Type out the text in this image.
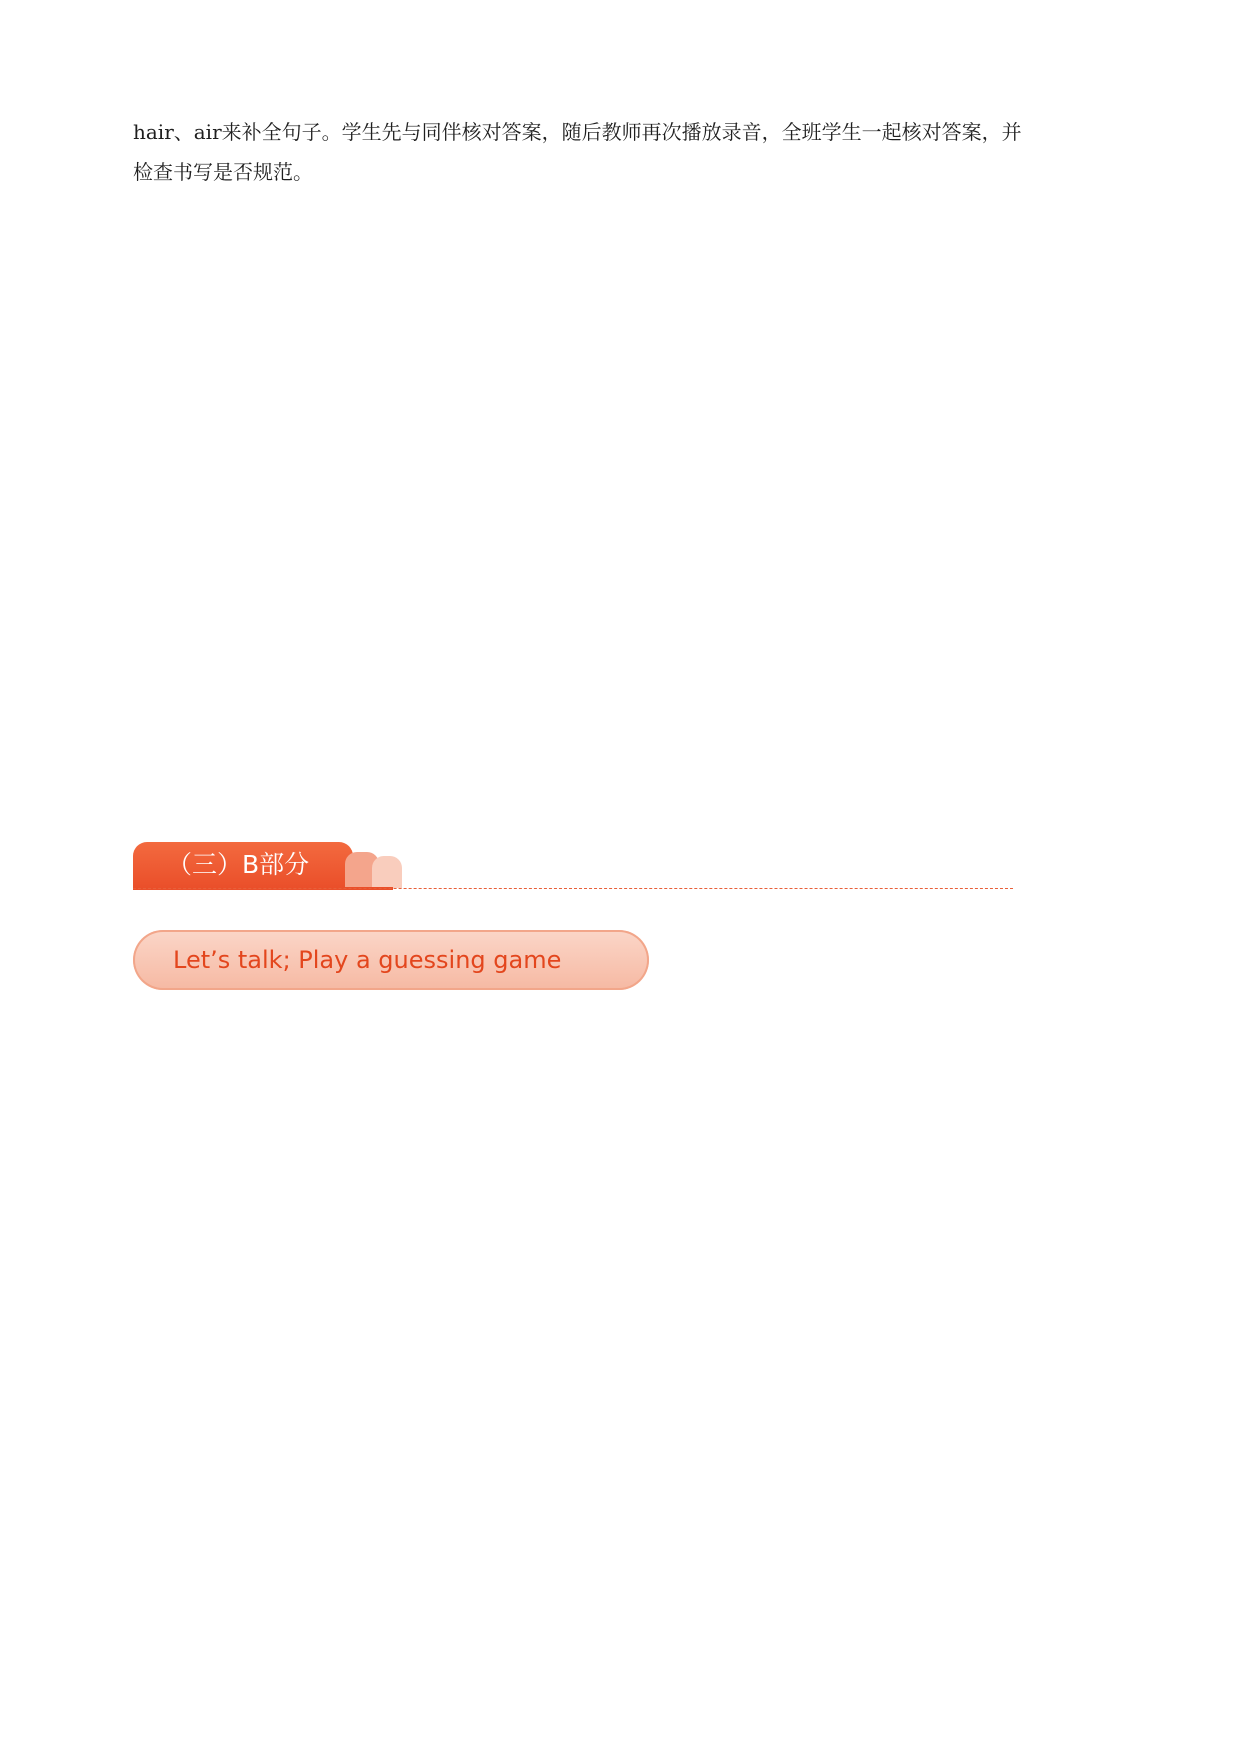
hair、air来补全句子。学生先与同伴核对答案，随后教师再次播放录音，全班学生一起核对答案，并
检查书写是否规范。

（三）B部分
Let’s talk; Play a guessing game
